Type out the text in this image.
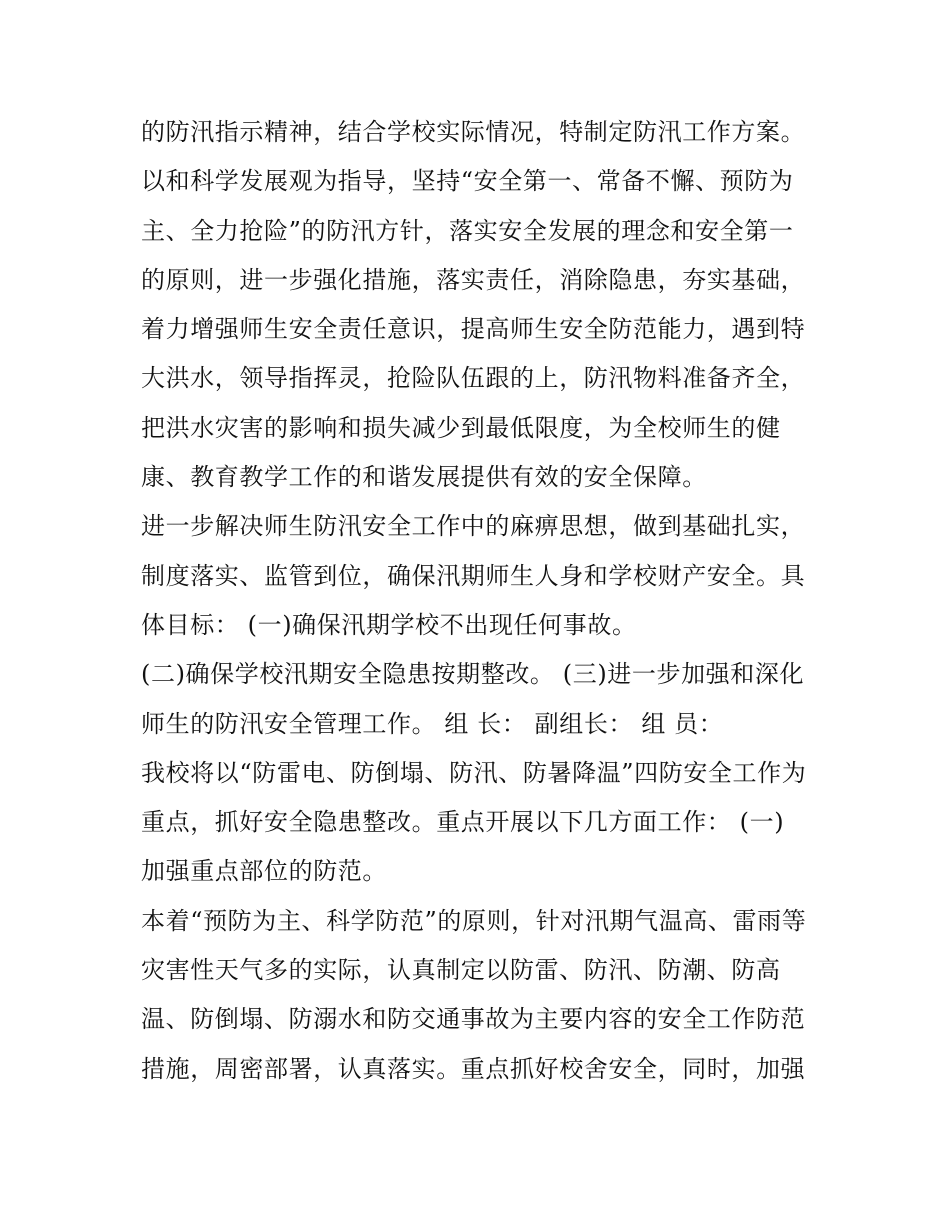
的防汛指示精神，结合学校实际情况，特制定防汛工作方案。
以和科学发展观为指导，坚持“安全第一、常备不懈、预防为
主、全力抢险”的防汛方针，落实安全发展的理念和安全第一
的原则，进一步强化措施，落实责任，消除隐患，夯实基础，
着力增强师生安全责任意识，提高师生安全防范能力，遇到特
大洪水，领导指挥灵，抢险队伍跟的上，防汛物料准备齐全，
把洪水灾害的影响和损失减少到最低限度，为全校师生的健
康、教育教学工作的和谐发展提供有效的安全保障。
进一步解决师生防汛安全工作中的麻痹思想，做到基础扎实，
制度落实、监管到位，确保汛期师生人身和学校财产安全。具
体目标： (一)确保汛期学校不出现任何事故。
(二)确保学校汛期安全隐患按期整改。 (三)进一步加强和深化
师生的防汛安全管理工作。 组 长： 副组长： 组 员：
我校将以“防雷电、防倒塌、防汛、防暑降温”四防安全工作为
重点，抓好安全隐患整改。重点开展以下几方面工作： (一)
加强重点部位的防范。
本着“预防为主、科学防范”的原则，针对汛期气温高、雷雨等
灾害性天气多的实际，认真制定以防雷、防汛、防潮、防高
温、防倒塌、防溺水和防交通事故为主要内容的安全工作防范
措施，周密部署，认真落实。重点抓好校舍安全，同时，加强
